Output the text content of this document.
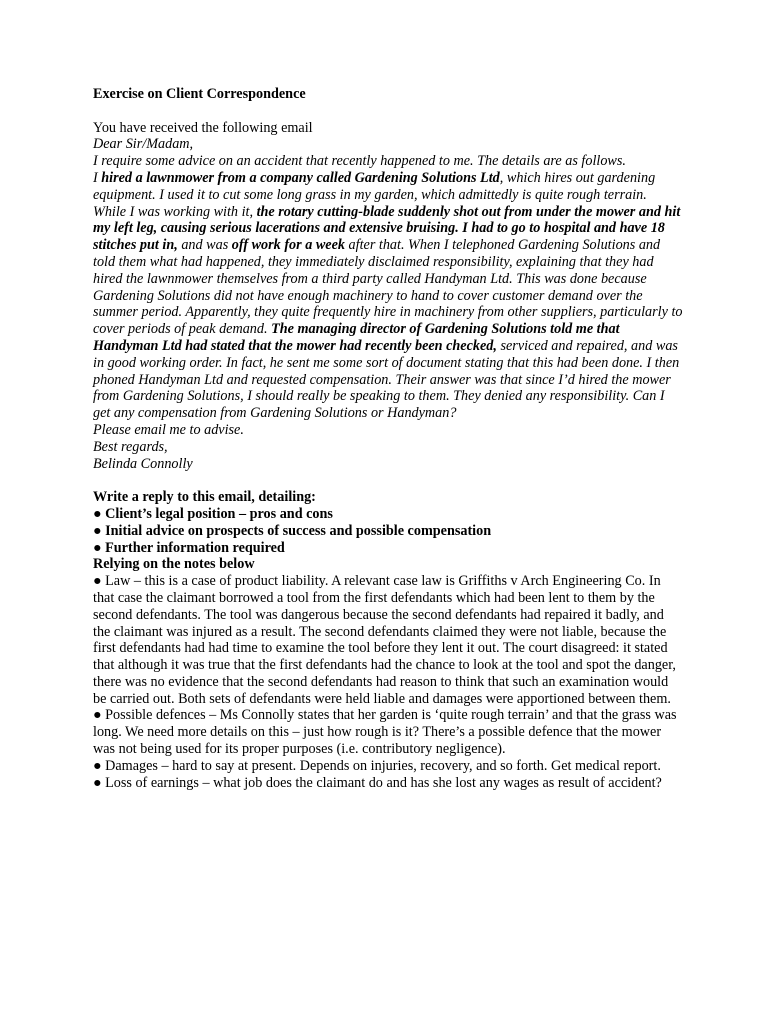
Exercise on Client Correspondence
You have received the following email
Dear Sir/Madam,
I require some advice on an accident that recently happened to me. The details are as follows.
I hired a lawnmower from a company called Gardening Solutions Ltd, which hires out gardening equipment. I used it to cut some long grass in my garden, which admittedly is quite rough terrain. While I was working with it, the rotary cutting-blade suddenly shot out from under the mower and hit my left leg, causing serious lacerations and extensive bruising. I had to go to hospital and have 18 stitches put in, and was off work for a week after that. When I telephoned Gardening Solutions and told them what had happened, they immediately disclaimed responsibility, explaining that they had hired the lawnmower themselves from a third party called Handyman Ltd. This was done because Gardening Solutions did not have enough machinery to hand to cover customer demand over the summer period. Apparently, they quite frequently hire in machinery from other suppliers, particularly to cover periods of peak demand. The managing director of Gardening Solutions told me that Handyman Ltd had stated that the mower had recently been checked, serviced and repaired, and was in good working order. In fact, he sent me some sort of document stating that this had been done. I then phoned Handyman Ltd and requested compensation. Their answer was that since I’d hired the mower from Gardening Solutions, I should really be speaking to them. They denied any responsibility. Can I get any compensation from Gardening Solutions or Handyman?
Please email me to advise.
Best regards,
Belinda Connolly
Write a reply to this email, detailing:
● Client’s legal position – pros and cons
● Initial advice on prospects of success and possible compensation
● Further information required
Relying on the notes below
● Law – this is a case of product liability. A relevant case law is Griffiths v Arch Engineering Co. In that case the claimant borrowed a tool from the first defendants which had been lent to them by the second defendants. The tool was dangerous because the second defendants had repaired it badly, and the claimant was injured as a result. The second defendants claimed they were not liable, because the first defendants had had time to examine the tool before they lent it out. The court disagreed: it stated that although it was true that the first defendants had the chance to look at the tool and spot the danger, there was no evidence that the second defendants had reason to think that such an examination would be carried out. Both sets of defendants were held liable and damages were apportioned between them.
● Possible defences – Ms Connolly states that her garden is ‘quite rough terrain’ and that the grass was long. We need more details on this – just how rough is it? There’s a possible defence that the mower was not being used for its proper purposes (i.e. contributory negligence).
● Damages – hard to say at present. Depends on injuries, recovery, and so forth. Get medical report.
● Loss of earnings – what job does the claimant do and has she lost any wages as result of accident?
